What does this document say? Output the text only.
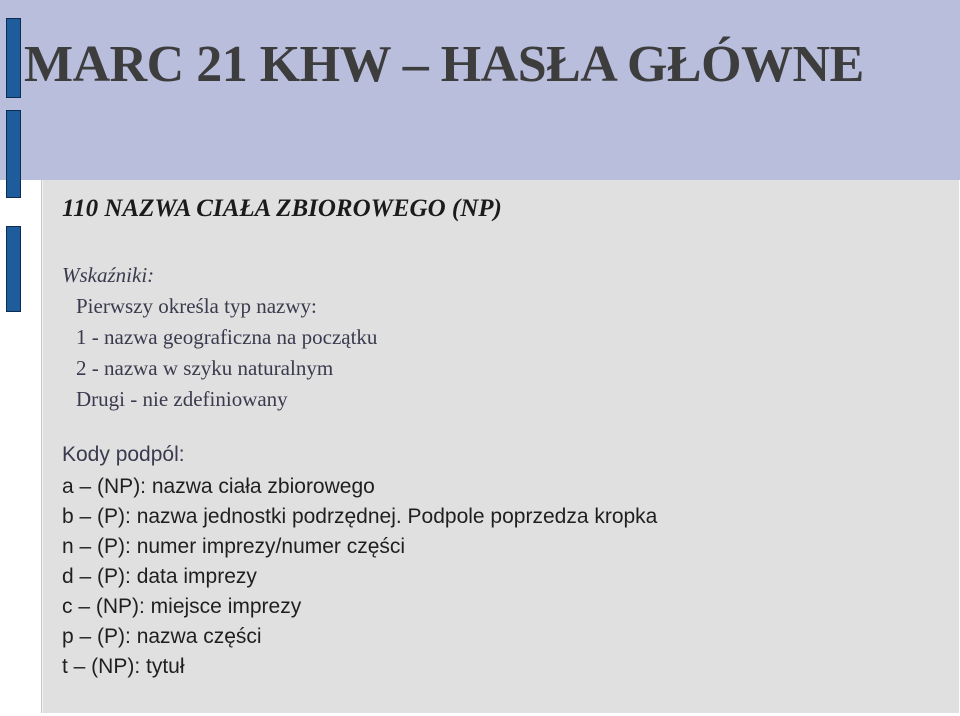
MARC 21 KHW – HASŁA GŁÓWNE
110 NAZWA CIAŁA ZBIOROWEGO (NP)
Wskaźniki:
Pierwszy określa typ nazwy:
1 - nazwa geograficzna na początku
2 - nazwa w szyku naturalnym
Drugi - nie zdefiniowany
Kody podpól:
a – (NP): nazwa ciała zbiorowego
b – (P): nazwa jednostki podrzędnej. Podpole poprzedza kropka
n – (P): numer imprezy/numer części
d – (P): data imprezy
c – (NP): miejsce imprezy
p – (P): nazwa części
t – (NP): tytuł
